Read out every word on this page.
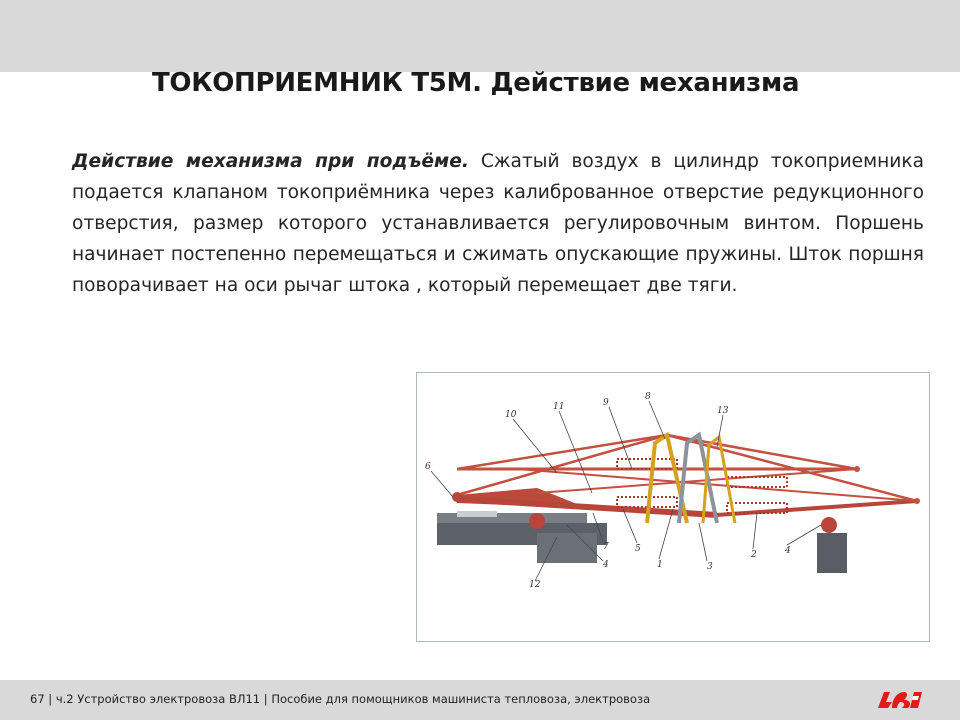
ТОКОПРИЕМНИК Т5М. Действие механизма

Действие механизма при подъёме. Сжатый воздух в цилиндр токоприемника подается клапаном токоприёмника через калиброванное отверстие редукционного отверстия, размер которого устанавливается регулировочным винтом. Поршень начинает постепенно перемещаться и сжимать опускающие пружины. Шток поршня поворачивает на оси рычаг штока , который перемещает две тяги.

10
11	9
8
13
6
7	5
4	1	3
2	4
12
67 | ч.2 Устройство электровоза ВЛ11 | Пособие для помощников машиниста тепловоза, электровоза
